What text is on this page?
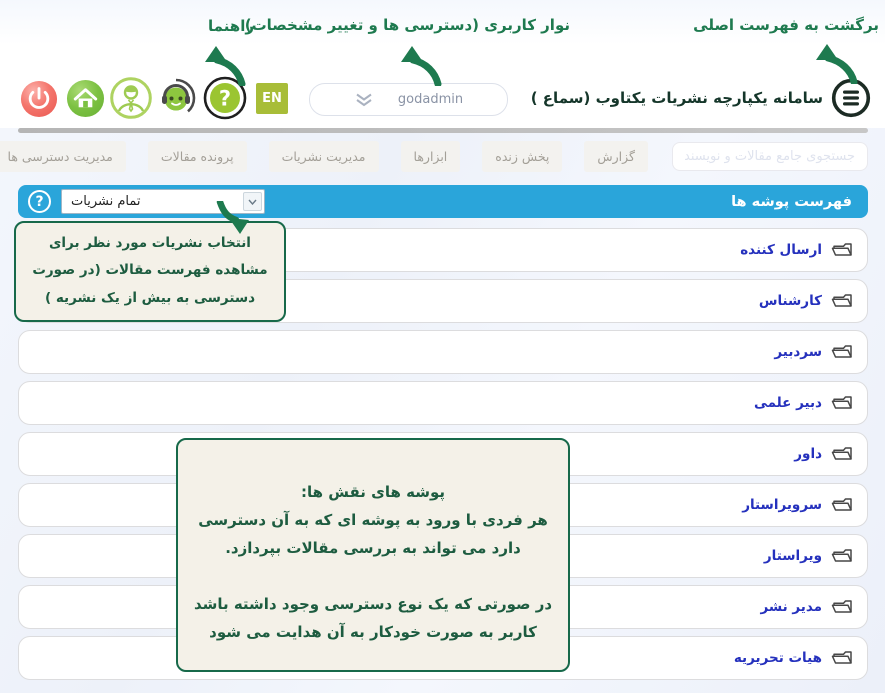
برگشت به فهرست اصلی
نوار کاربری (دسترسی ها و تغییر مشخصات)
راهنما
?	EN	godadmin	سامانه یکپارچه نشریات یکتاوب (سماع )
جستجوی جامع مقالات و نویسندگان و کاربران
گزارش
پخش زنده
ابزارها
مدیریت نشریات
پرونده مقالات
مدیریت دسترسی ها
فهرست پوشه ها
تمام نشریات
?
ارسال کننده
کارشناس
سردبیر
دبیر علمی
داور
سرویراستار
ویراستار
مدیر نشر
هیات تحریریه
انتخاب نشریات مورد نظر برای مشاهده فهرست مقالات (در صورت دسترسی به بیش از یک نشریه )
پوشه های نقش ها:
هر فردی با ورود به پوشه ای که به آن دسترسی
دارد می تواند به بررسی مقالات بپردازد.
در صورتی که یک نوع دسترسی وجود داشته باشد
کاربر به صورت خودکار به آن هدایت می شود
